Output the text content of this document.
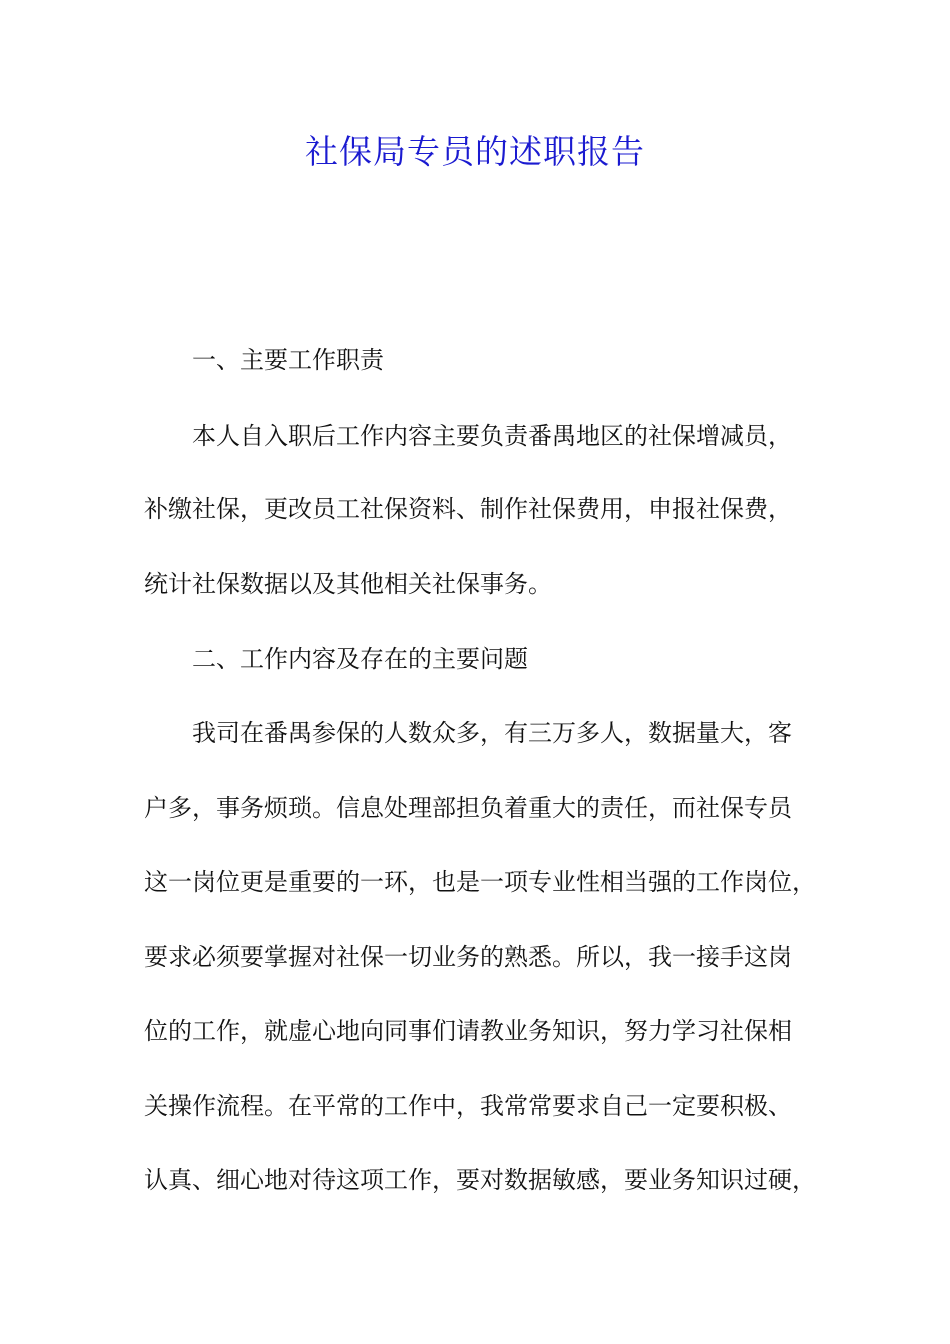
社保局专员的述职报告
一、主要工作职责
本人自入职后工作内容主要负责番禺地区的社保增减员，
补缴社保，更改员工社保资料、制作社保费用，申报社保费，
统计社保数据以及其他相关社保事务。
二、工作内容及存在的主要问题
我司在番禺参保的人数众多，有三万多人，数据量大，客
户多，事务烦琐。信息处理部担负着重大的责任，而社保专员
这一岗位更是重要的一环，也是一项专业性相当强的工作岗位，
要求必须要掌握对社保一切业务的熟悉。所以，我一接手这岗
位的工作，就虚心地向同事们请教业务知识，努力学习社保相
关操作流程。在平常的工作中，我常常要求自己一定要积极、
认真、细心地对待这项工作，要对数据敏感，要业务知识过硬，
